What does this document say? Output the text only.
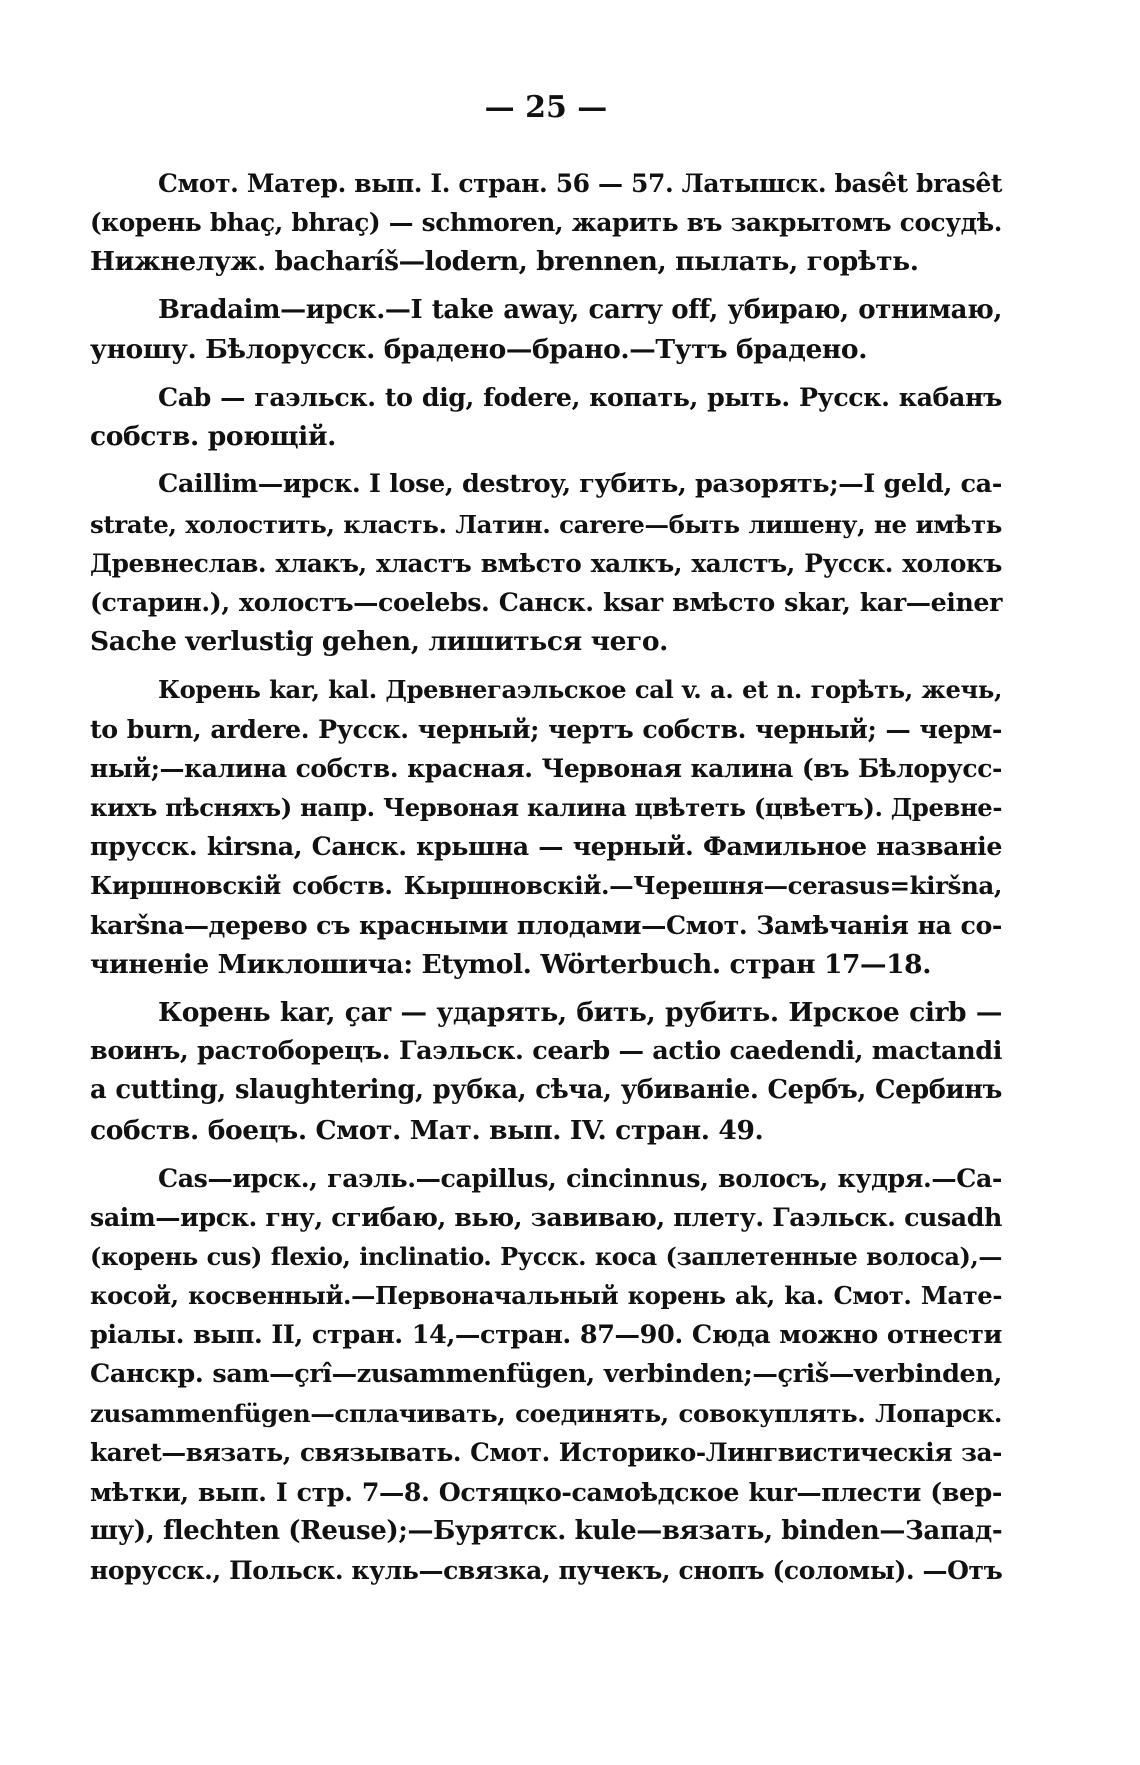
— 25 —
Смот. Матер. вып. I. стран. 56 — 57. Латышск. basêt brasêt
(корень bhaç, bhraç) — schmoren, жарить въ закрытомъ сосудѣ.
Нижнелуж. bacharíš—lodern, brennen, пылать, горѣть.
Bradaim—ирск.—I take away, carry off, убираю, отнимаю,
уношу. Бѣлорусск. брадено—брано.—Тутъ брадено.
Cab — гаэльск. to dig, fodere, копать, рыть. Русск. кабанъ
собств. роющій.
Caillim—ирск. I lose, destroy, губить, разорять;—I geld, ca-
strate, холостить, класть. Латин. carere—быть лишену, не имѣть
Древнеслав. хлакъ, хластъ вмѣсто халкъ, халстъ, Русск. холокъ
(старин.), холостъ—coelebs. Санск. ksar вмѣсто skar, kar—einer
Sache verlustig gehen, лишиться чего.
Корень kar, kal. Древнегаэльское cal v. a. et n. горѣть, жечь,
to burn, ardere. Русск. черный; чертъ собств. черный; — черм-
ный;—калина собств. красная. Червоная калина (въ Бѣлорусс-
кихъ пѣсняхъ) напр. Червоная калина цвѣтеть (цвѣетъ). Древне-
прусск. kirsna, Санск. крьшна — черный. Фамильное названіе
Киршновскій собств. Кыршновскій.—Черешня—cerasus=kiršna,
karšna—дерево съ красными плодами—Смот. Замѣчанія на со-
чиненіе Миклошича: Etymol. Wörterbuch. стран 17—18.
Корень kar, çar — ударять, бить, рубить. Ирское cirb —
воинъ, растоборецъ. Гаэльск. cearb — actio caedendi, mactandi
a cutting, slaughtering, рубка, сѣча, убиваніе. Сербъ, Сербинъ
собств. боецъ. Смот. Мат. вып. IV. стран. 49.
Cas—ирск., гаэль.—capillus, cincinnus, волосъ, кудря.—Ca-
saim—ирск. гну, сгибаю, вью, завиваю, плету. Гаэльск. cusadh
(корень cus) flexio, inclinatio. Русск. коса (заплетенные волоса),—
косой, косвенный.—Первоначальный корень ak, ka. Смот. Мате-
ріалы. вып. II, стран. 14,—стран. 87—90. Сюда можно отнести
Санскр. sam—çrî—zusammenfügen, verbinden;—çriš—verbinden,
zusammenfügen—сплачивать, соединять, совокуплять. Лопарск.
karet—вязать, связывать. Смот. Историко-Лингвистическія за-
мѣтки, вып. I стр. 7—8. Остяцко-самоѣдское kur—плести (вер-
шу), flechten (Reuse);—Бурятск. kule—вязать, binden—Запад-
норусск., Польск. куль—связка, пучекъ, снопъ (соломы). —Отъ
